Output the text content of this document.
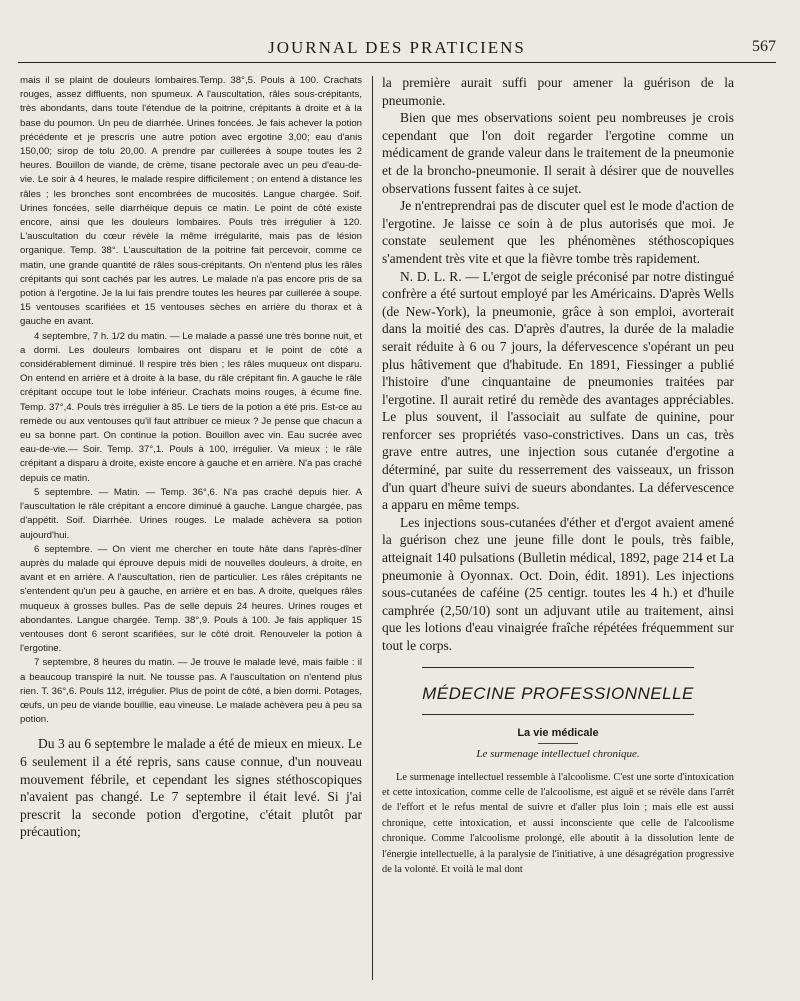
JOURNAL DES PRATICIENS	567

mais il se plaint de douleurs lombaires.Temp. 38°,5. Pouls à 100. Crachats rouges, assez diffluents, non spumeux. A l'auscultation, râles sous-crépitants, très abondants, dans toute l'étendue de la poitrine, crépitants à droite et à la base du poumon. Un peu de diarrhée. Urines foncées. Je fais achever la potion précédente et je prescris une autre potion avec ergotine 3,00; eau d'anis 150,00; sirop de tolu 20,00. A prendre par cuillerées à soupe toutes les 2 heures. Bouillon de viande, de crème, tisane pectorale avec un peu d'eau-de-vie. Le soir à 4 heures, le malade respire difficilement ; on entend à distance les râles ; les bronches sont encombrées de mucosités. Langue chargée. Soif. Urines foncées, selle diarrhéique depuis ce matin. Le point de côté existe encore, ainsi que les douleurs lombaires. Pouls très irrégulier à 120. L'auscultation du cœur révèle la même irrégularité, mais pas de lésion organique. Temp. 38°. L'auscultation de la poitrine fait percevoir, comme ce matin, une grande quantité de râles sous-crépitants. On n'entend plus les râles crépitants qui sont cachés par les autres. Le malade n'a pas encore pris de sa potion à l'ergotine. Je la lui fais prendre toutes les heures par cuillerée à soupe. 15 ventouses scarifiées et 15 ventouses sèches en arrière du thorax et à gauche en avant.

4 septembre, 7 h. 1/2 du matin. — Le malade a passé une très bonne nuit, et a dormi. Les douleurs lombaires ont disparu et le point de côté a considérablement diminué. Il respire très bien ; les râles muqueux ont disparu. On entend en arrière et à droite à la base, du râle crépitant fin. A gauche le râle crépitant occupe tout le lobe inférieur. Crachats moins rouges, à écume fine. Temp. 37°,4. Pouls très irrégulier à 85. Le tiers de la potion a été pris. Est-ce au remède ou aux ventouses qu'il faut attribuer ce mieux ? Je pense que chacun a eu sa bonne part. On continue la potion. Bouillon avec vin. Eau sucrée avec eau-de-vie.— Soir. Temp. 37°,1. Pouls à 100, irrégulier. Va mieux ; le râle crépitant a disparu à droite, existe encore à gauche et en arrière. N'a pas craché depuis ce matin.

5 septembre. — Matin. — Temp. 36°,6. N'a pas craché depuis hier. A l'auscultation le râle crépitant a encore diminué à gauche. Langue chargée, pas d'appétit. Soif. Diarrhée. Urines rouges. Le malade achèvera sa potion aujourd'hui.

6 septembre. — On vient me chercher en toute hâte dans l'après-dîner auprès du malade qui éprouve depuis midi de nouvelles douleurs, à droite, en avant et en arrière. A l'auscultation, rien de particulier. Les râles crépitants ne s'entendent qu'un peu à gauche, en arrière et en bas. A droite, quelques râles muqueux à grosses bulles. Pas de selle depuis 24 heures. Urines rouges et abondantes. Langue chargée. Temp. 38°,9. Pouls à 100. Je fais appliquer 15 ventouses dont 6 seront scarifiées, sur le côté droit. Renouveler la potion à l'ergotine.

7 septembre, 8 heures du matin. — Je trouve le malade levé, mais faible : il a beaucoup transpiré la nuit. Ne tousse pas. A l'auscultation on n'entend plus rien. T. 36°,6. Pouls 112, irrégulier. Plus de point de côté, a bien dormi. Potages, œufs, un peu de viande bouillie, eau vineuse. Le malade achèvera peu à peu sa potion.

Du 3 au 6 septembre le malade a été de mieux en mieux. Le 6 seulement il a été repris, sans cause connue, d'un nouveau mouvement fébrile, et cependant les signes stéthoscopiques n'avaient pas changé. Le 7 septembre il était levé. Si j'ai prescrit la seconde potion d'ergotine, c'était plutôt par précaution;

la première aurait suffi pour amener la guérison de la pneumonie.

Bien que mes observations soient peu nombreuses je crois cependant que l'on doit regarder l'ergotine comme un médicament de grande valeur dans le traitement de la pneumonie et de la broncho-pneumonie. Il serait à désirer que de nouvelles observations fussent faites à ce sujet.

Je n'entreprendrai pas de discuter quel est le mode d'action de l'ergotine. Je laisse ce soin à de plus autorisés que moi. Je constate seulement que les phénomènes stéthoscopiques s'amendent très vite et que la fièvre tombe très rapidement.

N. D. L. R. — L'ergot de seigle préconisé par notre distingué confrère a été surtout employé par les Américains. D'après Wells (de New-York), la pneumonie, grâce à son emploi, avorterait dans la moitié des cas. D'après d'autres, la durée de la maladie serait réduite à 6 ou 7 jours, la défervescence s'opérant un peu plus hâtivement que d'habitude. En 1891, Fiessinger a publié l'histoire d'une cinquantaine de pneumonies traitées par l'ergotine. Il aurait retiré du remède des avantages appréciables. Le plus souvent, il l'associait au sulfate de quinine, pour renforcer ses propriétés vaso-constrictives. Dans un cas, très grave entre autres, une injection sous cutanée d'ergotine a déterminé, par suite du resserrement des vaisseaux, un frisson d'un quart d'heure suivi de sueurs abondantes. La défervescence a apparu en même temps.

Les injections sous-cutanées d'éther et d'ergot avaient amené la guérison chez une jeune fille dont le pouls, très faible, atteignait 140 pulsations (Bulletin médical, 1892, page 214 et La pneumonie à Oyonnax. Oct. Doin, édit. 1891). Les injections sous-cutanées de caféine (25 centigr. toutes les 4 h.) et d'huile camphrée (2,50/10) sont un adjuvant utile au traitement, ainsi que les lotions d'eau vinaigrée fraîche répétées fréquemment sur tout le corps.

MÉDECINE PROFESSIONNELLE
La vie médicale
Le surmenage intellectuel chronique.

Le surmenage intellectuel ressemble à l'alcoolisme. C'est une sorte d'intoxication et cette intoxication, comme celle de l'alcoolisme, est aiguë et se révèle dans l'arrêt de l'effort et le refus mental de suivre et d'aller plus loin ; mais elle est aussi chronique, cette intoxication, et aussi inconsciente que celle de l'alcoolisme chronique. Comme l'alcoolisme prolongé, elle aboutit à la dissolution lente de l'énergie intellectuelle, à la paralysie de l'initiative, à une désagrégation progressive de la volonté. Et voilà le mal dont
